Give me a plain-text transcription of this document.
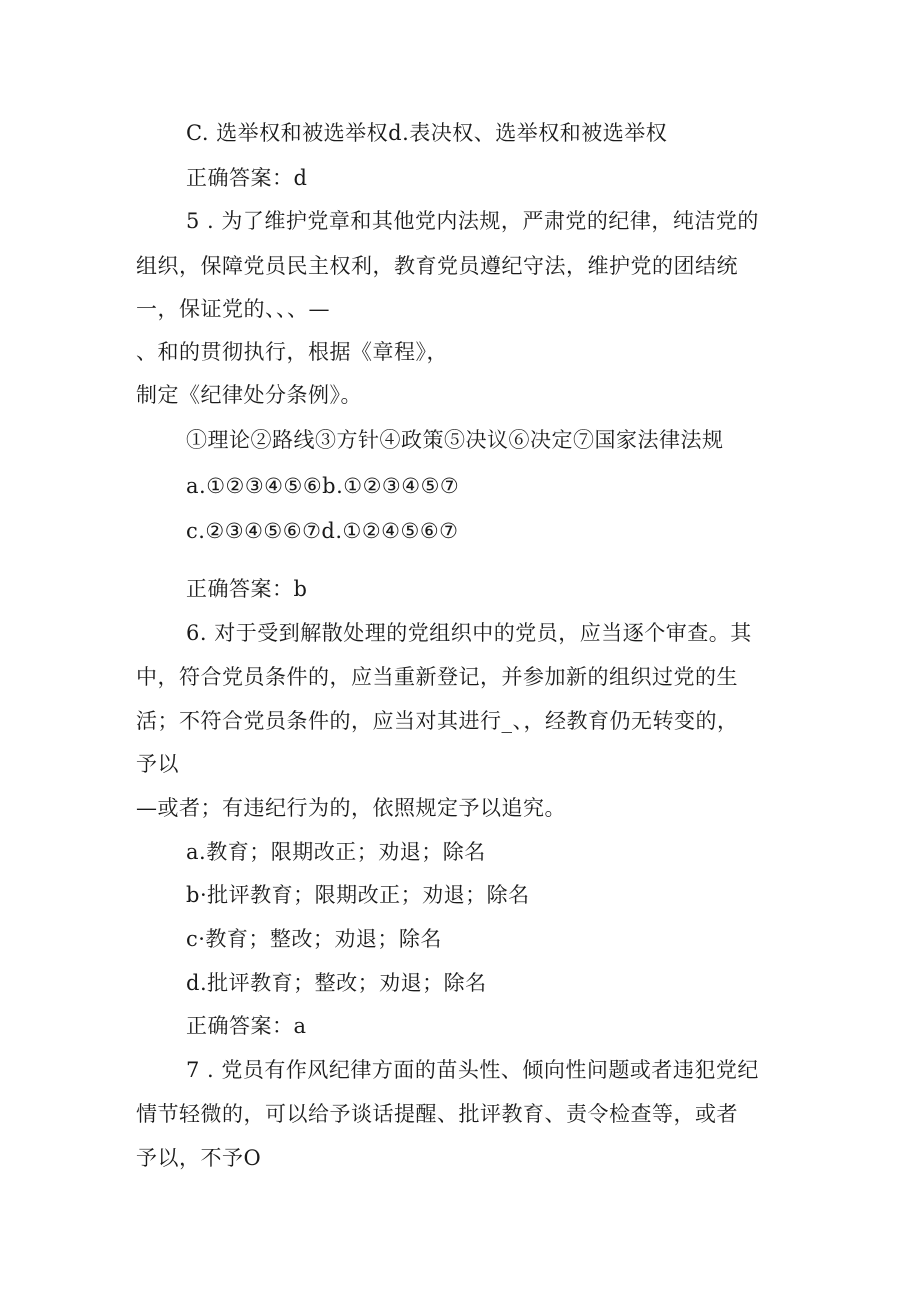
C. 选举权和被选举权d.表决权、选举权和被选举权
正确答案：d
5 . 为了维护党章和其他党内法规，严肃党的纪律，纯洁党的
组织，保障党员民主权利，教育党员遵纪守法，维护党的团结统
一，保证党的、、、—
、和的贯彻执行，根据《章程》，
制定《纪律处分条例》。
①理论②路线③方针④政策⑤决议⑥决定⑦国家法律法规
a.①②③④⑤⑥b.①②③④⑤⑦
c.②③④⑤⑥⑦d.①②④⑤⑥⑦
正确答案：b
6. 对于受到解散处理的党组织中的党员，应当逐个审查。其
中，符合党员条件的，应当重新登记，并参加新的组织过党的生
活；不符合党员条件的，应当对其进行_、，经教育仍无转变的，
予以
—或者；有违纪行为的，依照规定予以追究。
a.教育；限期改正；劝退；除名
b·批评教育；限期改正；劝退；除名
c·教育；整改；劝退；除名
d.批评教育；整改；劝退；除名
正确答案：a
7 . 党员有作风纪律方面的苗头性、倾向性问题或者违犯党纪
情节轻微的，可以给予谈话提醒、批评教育、责令检查等，或者
予以，不予O
